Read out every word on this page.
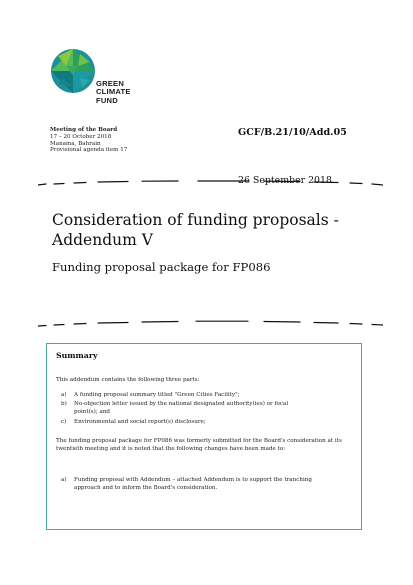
GREEN
CLIMATE
FUND
Meeting of the Board
17 – 20 October 2018
Manama, Bahrain
Provisional agenda item 17
GCF/B.21/10/Add.05
26 September 2018
Consideration of funding proposals -
Addendum V
Funding proposal package for FP086
Summary
This addendum contains the following three parts:
a) A funding proposal summary titled "Green Cities Facility";
b) No-objection letter issued by the national designated authority(ies) or focal point(s); and
c) Environmental and social report(s) disclosure;
The funding proposal package for FP086 was formerly submitted for the Board's consideration at its twentieth meeting and it is noted that the following changes have been made to:
a) Funding proposal with Addendum – attached Addendum is to support the tranching approach and to inform the Board's consideration.
